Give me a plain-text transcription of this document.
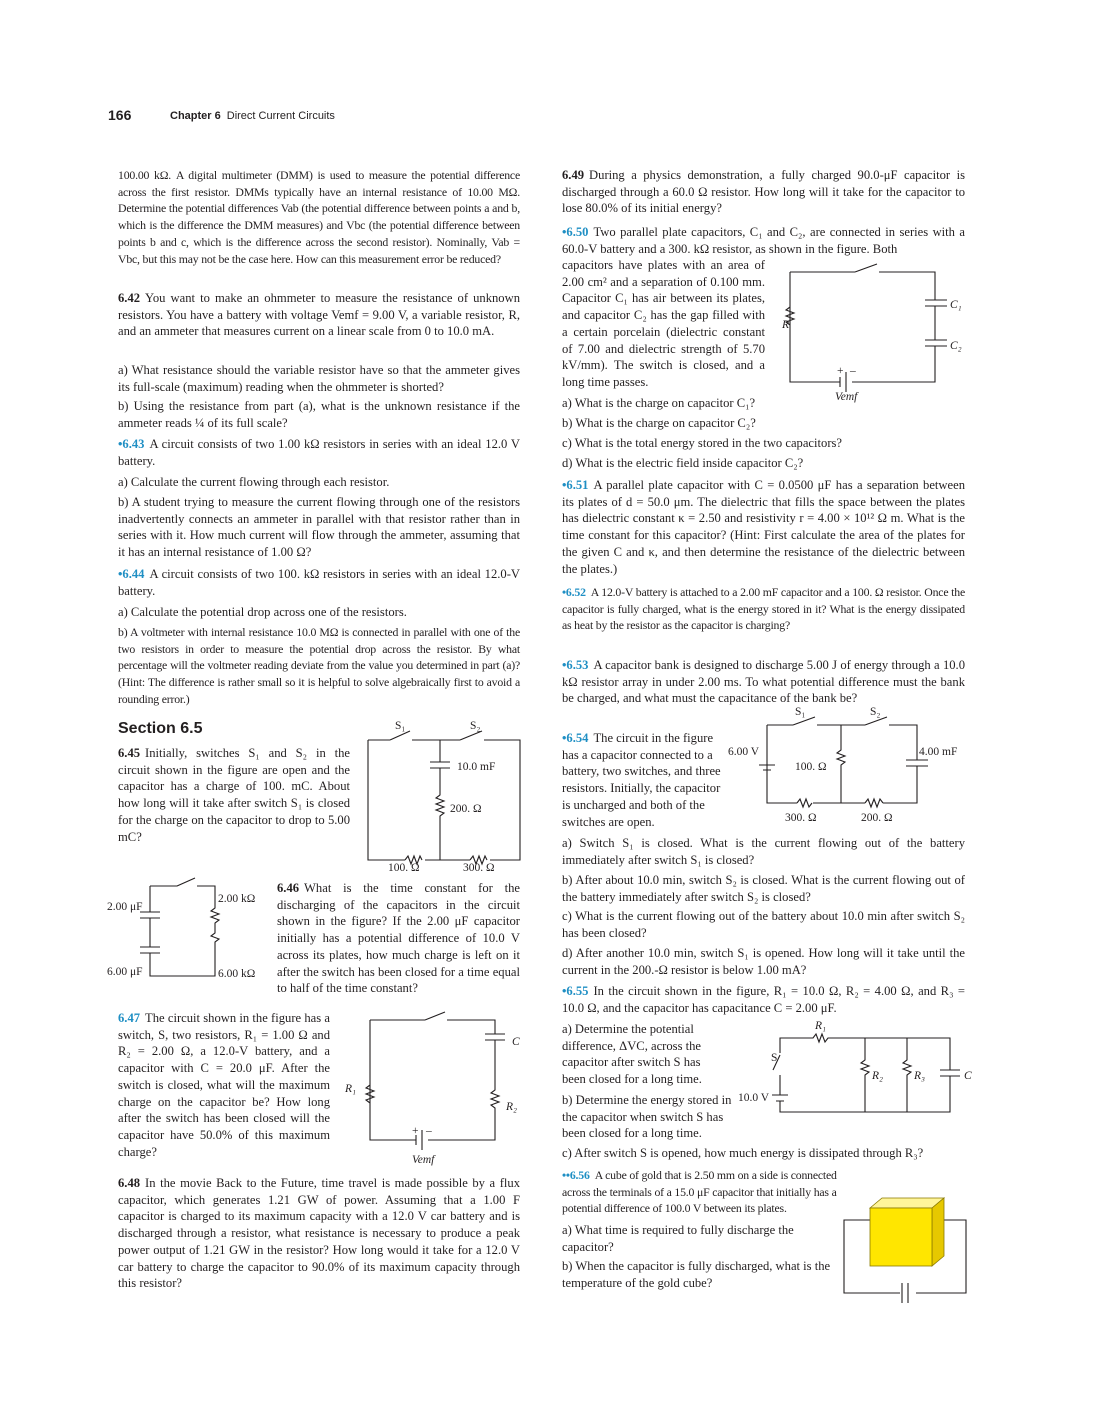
166	Chapter 6 Direct Current Circuits
100.00 kΩ. A digital multimeter (DMM) is used to measure the potential difference across the first resistor. DMMs typically have an internal resistance of 10.00 MΩ. Determine the potential differences Vab (the potential difference between points a and b, which is the difference the DMM measures) and Vbc (the potential difference between points b and c, which is the difference across the second resistor). Nominally, Vab = Vbc, but this may not be the case here. How can this measurement error be reduced?
6.42 You want to make an ohmmeter to measure the resistance of unknown resistors. You have a battery with voltage Vemf = 9.00 V, a variable resistor, R, and an ammeter that measures current on a linear scale from 0 to 10.0 mA.
a) What resistance should the variable resistor have so that the ammeter gives its full-scale (maximum) reading when the ohmmeter is shorted?
b) Using the resistance from part (a), what is the unknown resistance if the ammeter reads ¼ of its full scale?
•6.43 A circuit consists of two 1.00 kΩ resistors in series with an ideal 12.0 V battery.
a) Calculate the current flowing through each resistor.
b) A student trying to measure the current flowing through one of the resistors inadvertently connects an ammeter in parallel with that resistor rather than in series with it. How much current will flow through the ammeter, assuming that it has an internal resistance of 1.00 Ω?
•6.44 A circuit consists of two 100. kΩ resistors in series with an ideal 12.0-V battery.
a) Calculate the potential drop across one of the resistors.
b) A voltmeter with internal resistance 10.0 MΩ is connected in parallel with one of the two resistors in order to measure the potential drop across the resistor. By what percentage will the voltmeter reading deviate from the value you determined in part (a)? (Hint: The difference is rather small so it is helpful to solve algebraically first to avoid a rounding error.)
Section 6.5
6.45 Initially, switches S₁ and S₂ in the circuit shown in the figure are open and the capacitor has a charge of 100. mC. About how long will it take after switch S₁ is closed for the charge on the capacitor to drop to 5.00 mC?
S₁	S₂
10.0 mF
200. Ω
100. Ω	300. Ω
2.00 μF
6.00 μF
2.00 kΩ
6.00 kΩ
6.46 What is the time constant for the discharging of the capacitors in the circuit shown in the figure? If the 2.00 μF capacitor initially has a potential difference of 10.0 V across its plates, how much charge is left on it after the switch has been closed for a time equal to half of the time constant?
6.47 The circuit shown in the figure has a switch, S, two resistors, R₁ = 1.00 Ω and R₂ = 2.00 Ω, a 12.0-V battery, and a capacitor with C = 20.0 μF. After the switch is closed, what will the maximum charge on the capacitor be? How long after the switch has been closed will the capacitor have 50.0% of this maximum charge?
C
R₁
R₂
+ –
Vemf
6.48 In the movie Back to the Future, time travel is made possible by a flux capacitor, which generates 1.21 GW of power. Assuming that a 1.00 F capacitor is charged to its maximum capacity with a 12.0 V car battery and is discharged through a resistor, what resistance is necessary to produce a peak power output of 1.21 GW in the resistor? How long would it take for a 12.0 V car battery to charge the capacitor to 90.0% of its maximum capacity through this resistor?
6.49 During a physics demonstration, a fully charged 90.0-μF capacitor is discharged through a 60.0 Ω resistor. How long will it take for the capacitor to lose 80.0% of its initial energy?
•6.50 Two parallel plate capacitors, C₁ and C₂, are connected in series with a 60.0-V battery and a 300. kΩ resistor, as shown in the figure. Both
capacitors have plates with an area of 2.00 cm² and a separation of 0.100 mm. Capacitor C₁ has air between its plates, and capacitor C₂ has the gap filled with a certain porcelain (dielectric constant of 7.00 and dielectric strength of 5.70 kV/mm). The switch is closed, and a long time passes.
C₁
C₂
R
+ –
Vemf
a) What is the charge on capacitor C₁?
b) What is the charge on capacitor C₂?
c) What is the total energy stored in the two capacitors?
d) What is the electric field inside capacitor C₂?
•6.51 A parallel plate capacitor with C = 0.0500 μF has a separation between its plates of d = 50.0 μm. The dielectric that fills the space between the plates has dielectric constant κ = 2.50 and resistivity r = 4.00 × 10¹² Ω m. What is the time constant for this capacitor? (Hint: First calculate the area of the plates for the given C and κ, and then determine the resistance of the dielectric between the plates.)
•6.52 A 12.0-V battery is attached to a 2.00 mF capacitor and a 100. Ω resistor. Once the capacitor is fully charged, what is the energy stored in it? What is the energy dissipated as heat by the resistor as the capacitor is charging?
•6.53 A capacitor bank is designed to discharge 5.00 J of energy through a 10.0 kΩ resistor array in under 2.00 ms. To what potential difference must the bank be charged, and what must the capacitance of the bank be?
•6.54 The circuit in the figure has a capacitor connected to a battery, two switches, and three resistors. Initially, the capacitor is uncharged and both of the switches are open.
S₁	S₂
6.00 V	4.00 mF
100. Ω
300. Ω	200. Ω
a) Switch S₁ is closed. What is the current flowing out of the battery immediately after switch S₁ is closed?
b) After about 10.0 min, switch S₂ is closed. What is the current flowing out of the battery immediately after switch S₂ is closed?
c) What is the current flowing out of the battery about 10.0 min after switch S₂ has been closed?
d) After another 10.0 min, switch S₁ is opened. How long will it take until the current in the 200.-Ω resistor is below 1.00 mA?
•6.55 In the circuit shown in the figure, R₁ = 10.0 Ω, R₂ = 4.00 Ω, and R₃ = 10.0 Ω, and the capacitor has capacitance C = 2.00 μF.
a) Determine the potential difference, ΔVC, across the capacitor after switch S has been closed for a long time.
R₁
R₂	R₃	C
S
10.0 V
b) Determine the energy stored in the capacitor when switch S has been closed for a long time.
c) After switch S is opened, how much energy is dissipated through R₃?
••6.56 A cube of gold that is 2.50 mm on a side is connected across the terminals of a 15.0 μF capacitor that initially has a potential difference of 100.0 V between its plates.
a) What time is required to fully discharge the capacitor?
b) When the capacitor is fully discharged, what is the temperature of the gold cube?
